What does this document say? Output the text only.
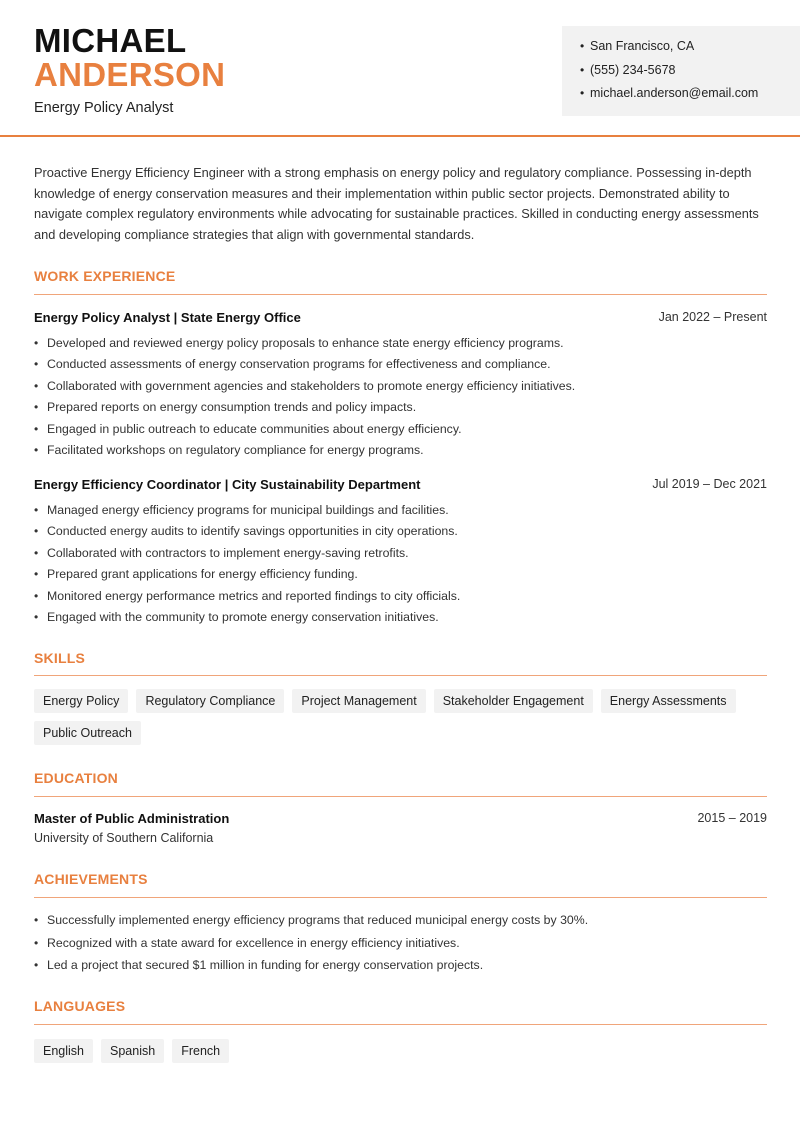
MICHAEL
ANDERSON
Energy Policy Analyst
• San Francisco, CA
• (555) 234-5678
• michael.anderson@email.com
Proactive Energy Efficiency Engineer with a strong emphasis on energy policy and regulatory compliance. Possessing in-depth knowledge of energy conservation measures and their implementation within public sector projects. Demonstrated ability to navigate complex regulatory environments while advocating for sustainable practices. Skilled in conducting energy assessments and developing compliance strategies that align with governmental standards.
WORK EXPERIENCE
Energy Policy Analyst | State Energy Office	Jan 2022 – Present
• Developed and reviewed energy policy proposals to enhance state energy efficiency programs.
• Conducted assessments of energy conservation programs for effectiveness and compliance.
• Collaborated with government agencies and stakeholders to promote energy efficiency initiatives.
• Prepared reports on energy consumption trends and policy impacts.
• Engaged in public outreach to educate communities about energy efficiency.
• Facilitated workshops on regulatory compliance for energy programs.
Energy Efficiency Coordinator | City Sustainability Department	Jul 2019 – Dec 2021
• Managed energy efficiency programs for municipal buildings and facilities.
• Conducted energy audits to identify savings opportunities in city operations.
• Collaborated with contractors to implement energy-saving retrofits.
• Prepared grant applications for energy efficiency funding.
• Monitored energy performance metrics and reported findings to city officials.
• Engaged with the community to promote energy conservation initiatives.
SKILLS
Energy Policy	Regulatory Compliance	Project Management	Stakeholder Engagement	Energy Assessments
Public Outreach
EDUCATION
Master of Public Administration	2015 – 2019
University of Southern California
ACHIEVEMENTS
• Successfully implemented energy efficiency programs that reduced municipal energy costs by 30%.
• Recognized with a state award for excellence in energy efficiency initiatives.
• Led a project that secured $1 million in funding for energy conservation projects.
LANGUAGES
English	Spanish	French
